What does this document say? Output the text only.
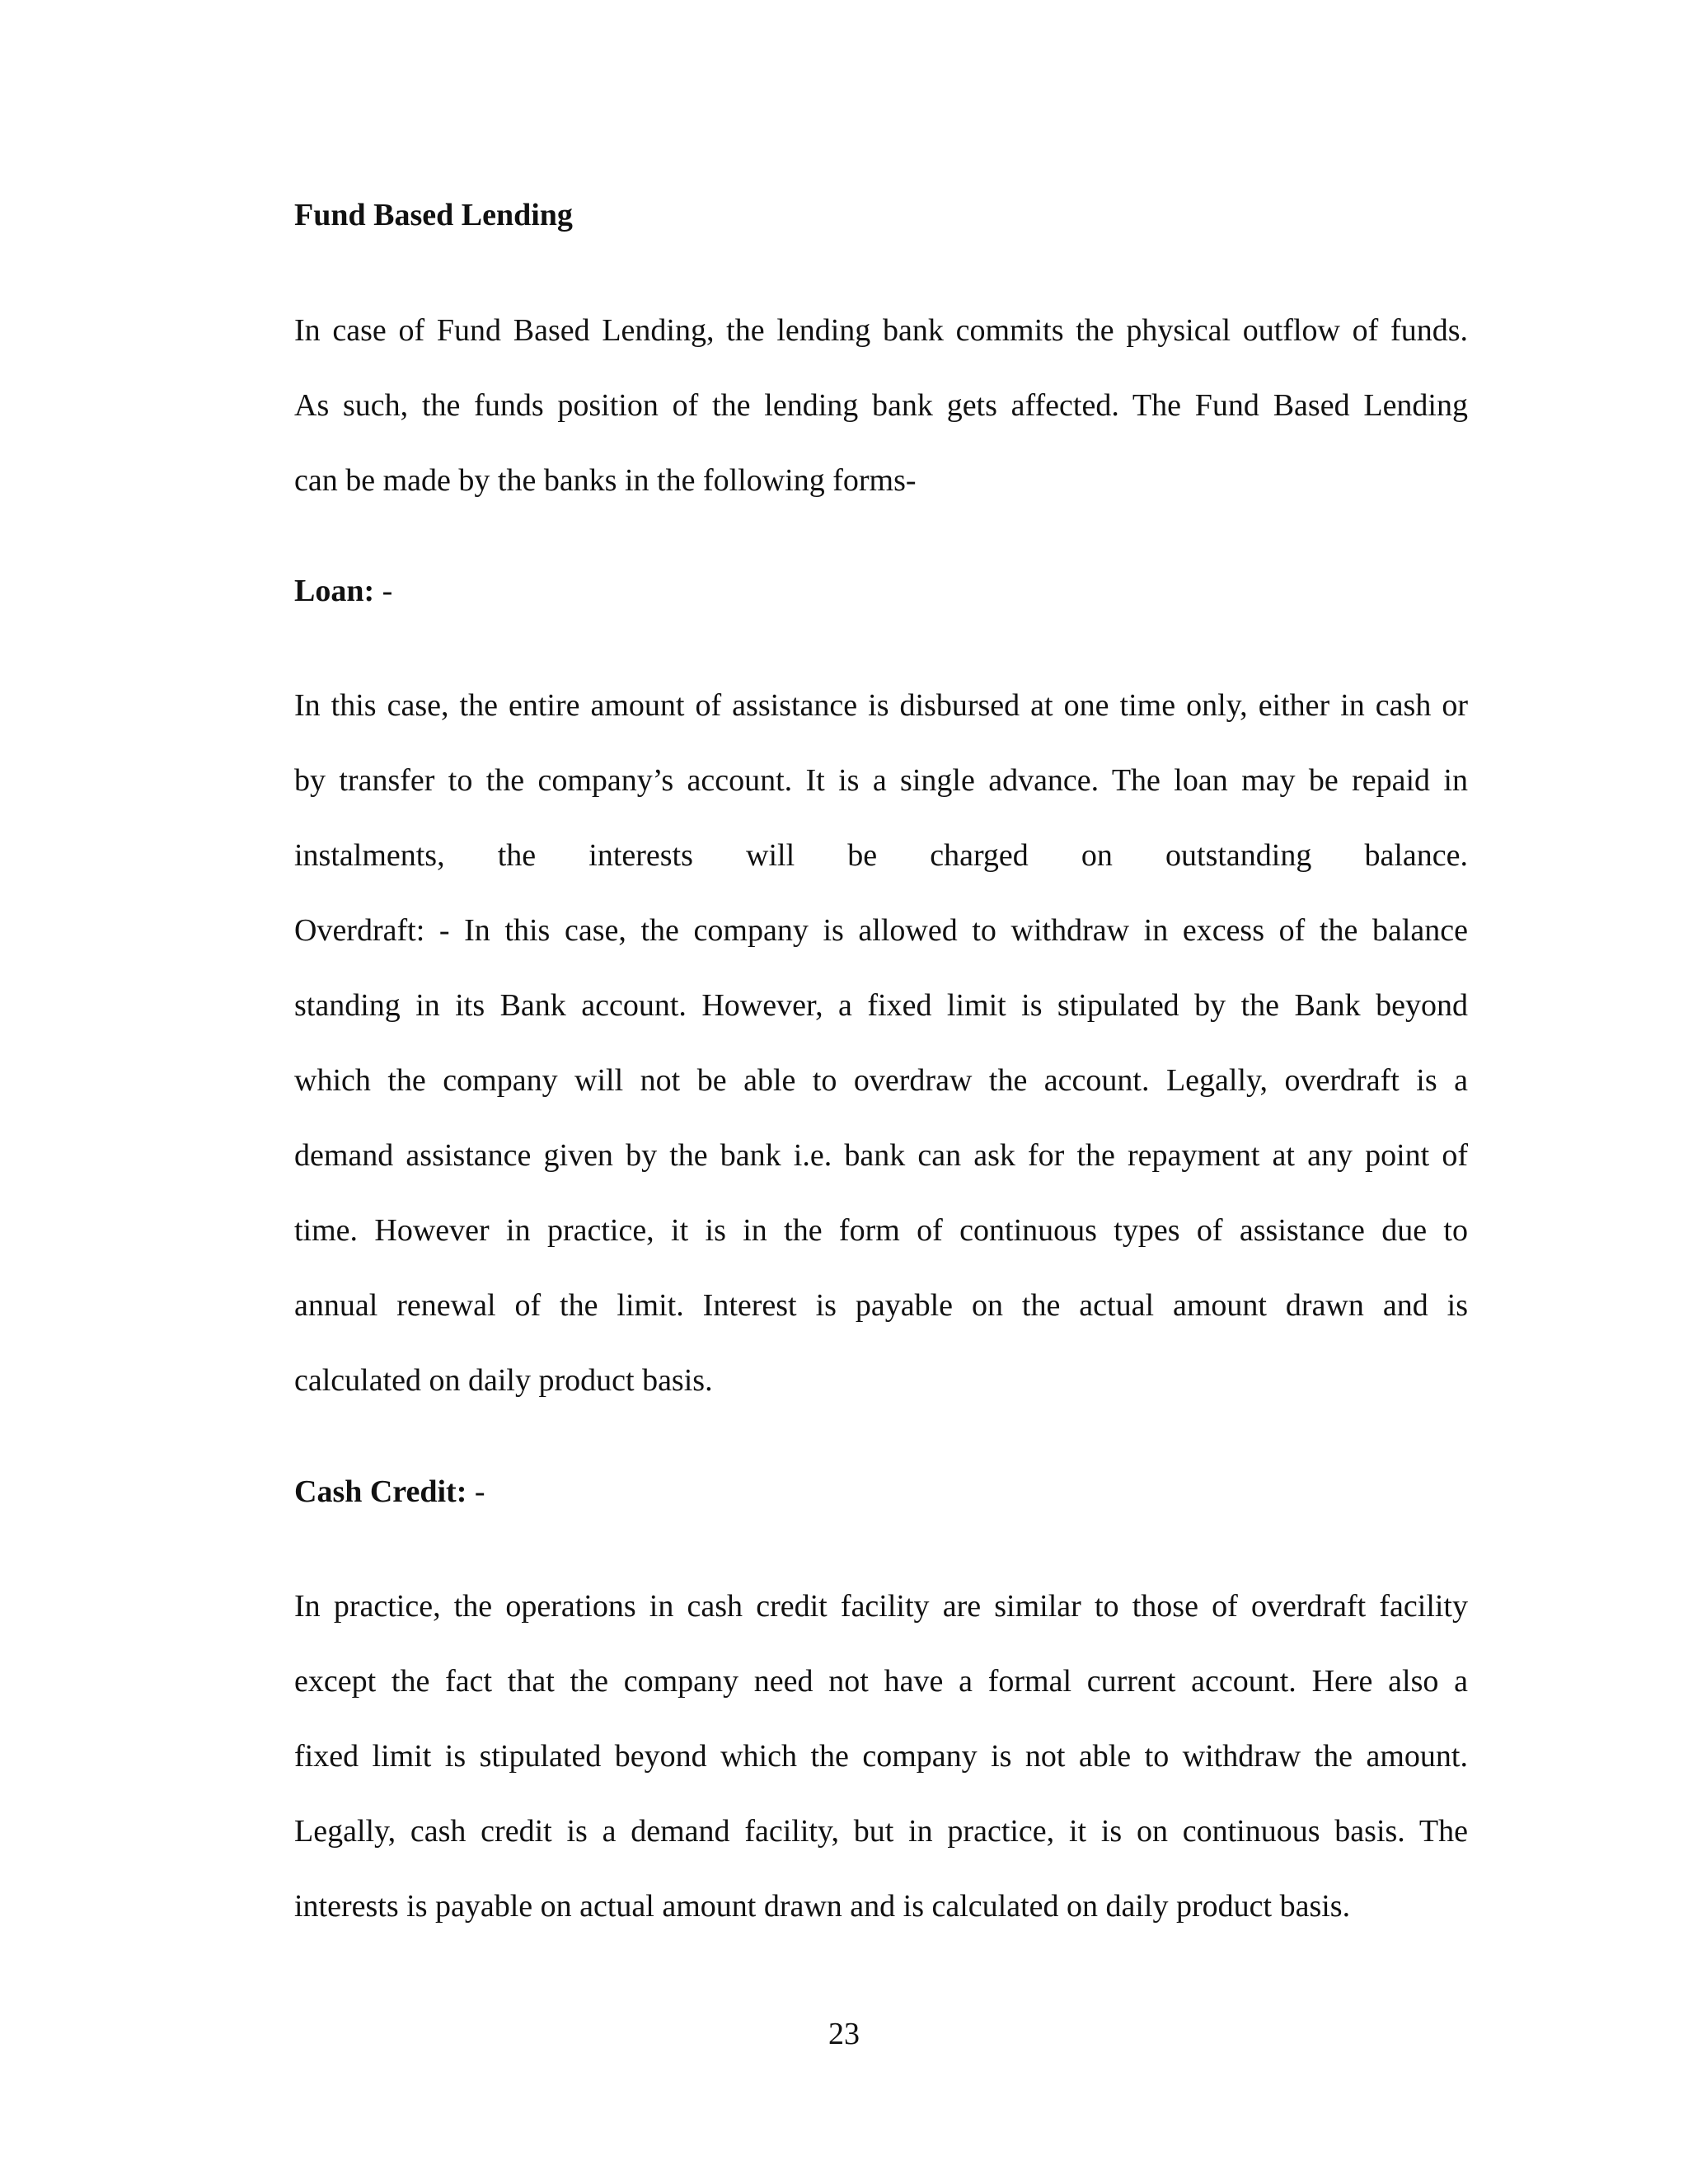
Fund Based Lending
In case of Fund Based Lending, the lending bank commits the physical outflow of funds.
As such, the funds position of the lending bank gets affected. The Fund Based Lending
can be made by the banks in the following forms-
Loan: -
In this case, the entire amount of assistance is disbursed at one time only, either in cash or
by transfer to the company’s account. It is a single advance. The loan may be repaid in
instalments, the interests will be charged on outstanding balance.
Overdraft: - In this case, the company is allowed to withdraw in excess of the balance
standing in its Bank account. However, a fixed limit is stipulated by the Bank beyond
which the company will not be able to overdraw the account. Legally, overdraft is a
demand assistance given by the bank i.e. bank can ask for the repayment at any point of
time. However in practice, it is in the form of continuous types of assistance due to
annual renewal of the limit. Interest is payable on the actual amount drawn and is
calculated on daily product basis.
Cash Credit: -
In practice, the operations in cash credit facility are similar to those of overdraft facility
except the fact that the company need not have a formal current account. Here also a
fixed limit is stipulated beyond which the company is not able to withdraw the amount.
Legally, cash credit is a demand facility, but in practice, it is on continuous basis. The
interests is payable on actual amount drawn and is calculated on daily product basis.
23
